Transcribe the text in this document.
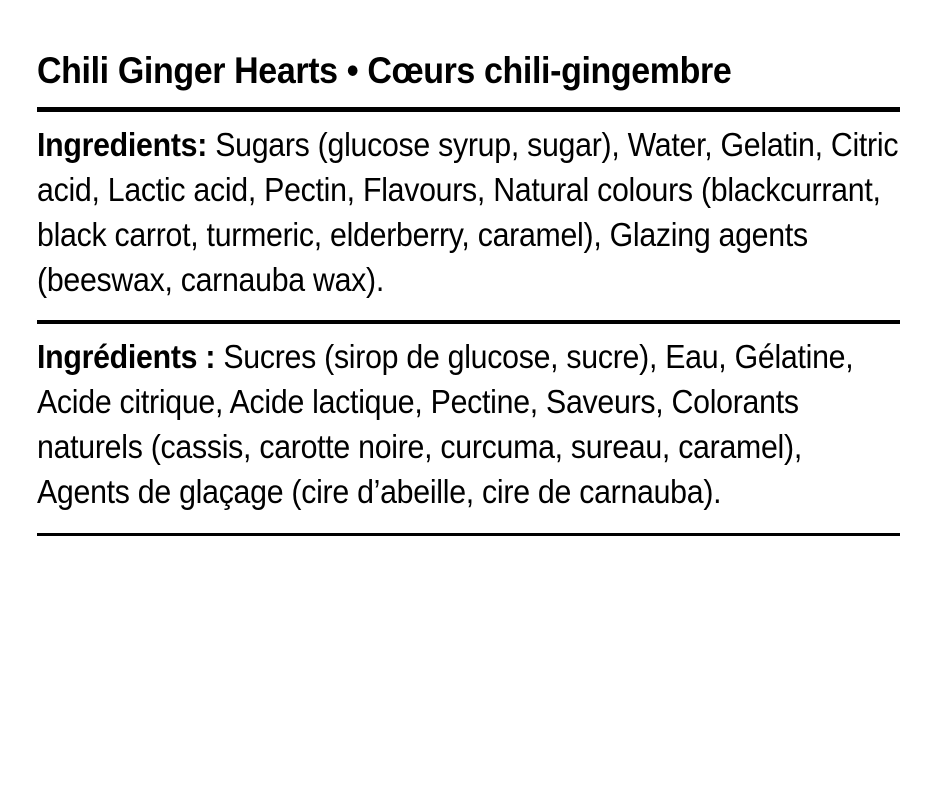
Chili Ginger Hearts • Cœurs chili-gingembre

Ingredients: Sugars (glucose syrup, sugar), Water, Gelatin, Citric acid, Lactic acid, Pectin, Flavours, Natural colours (blackcurrant, black carrot, turmeric, elderberry, caramel), Glazing agents (beeswax, carnauba wax).

Ingrédients : Sucres (sirop de glucose, sucre), Eau, Gélatine, Acide citrique, Acide lactique, Pectine, Saveurs, Colorants naturels (cassis, carotte noire, curcuma, sureau, caramel), Agents de glaçage (cire d’abeille, cire de carnauba).
